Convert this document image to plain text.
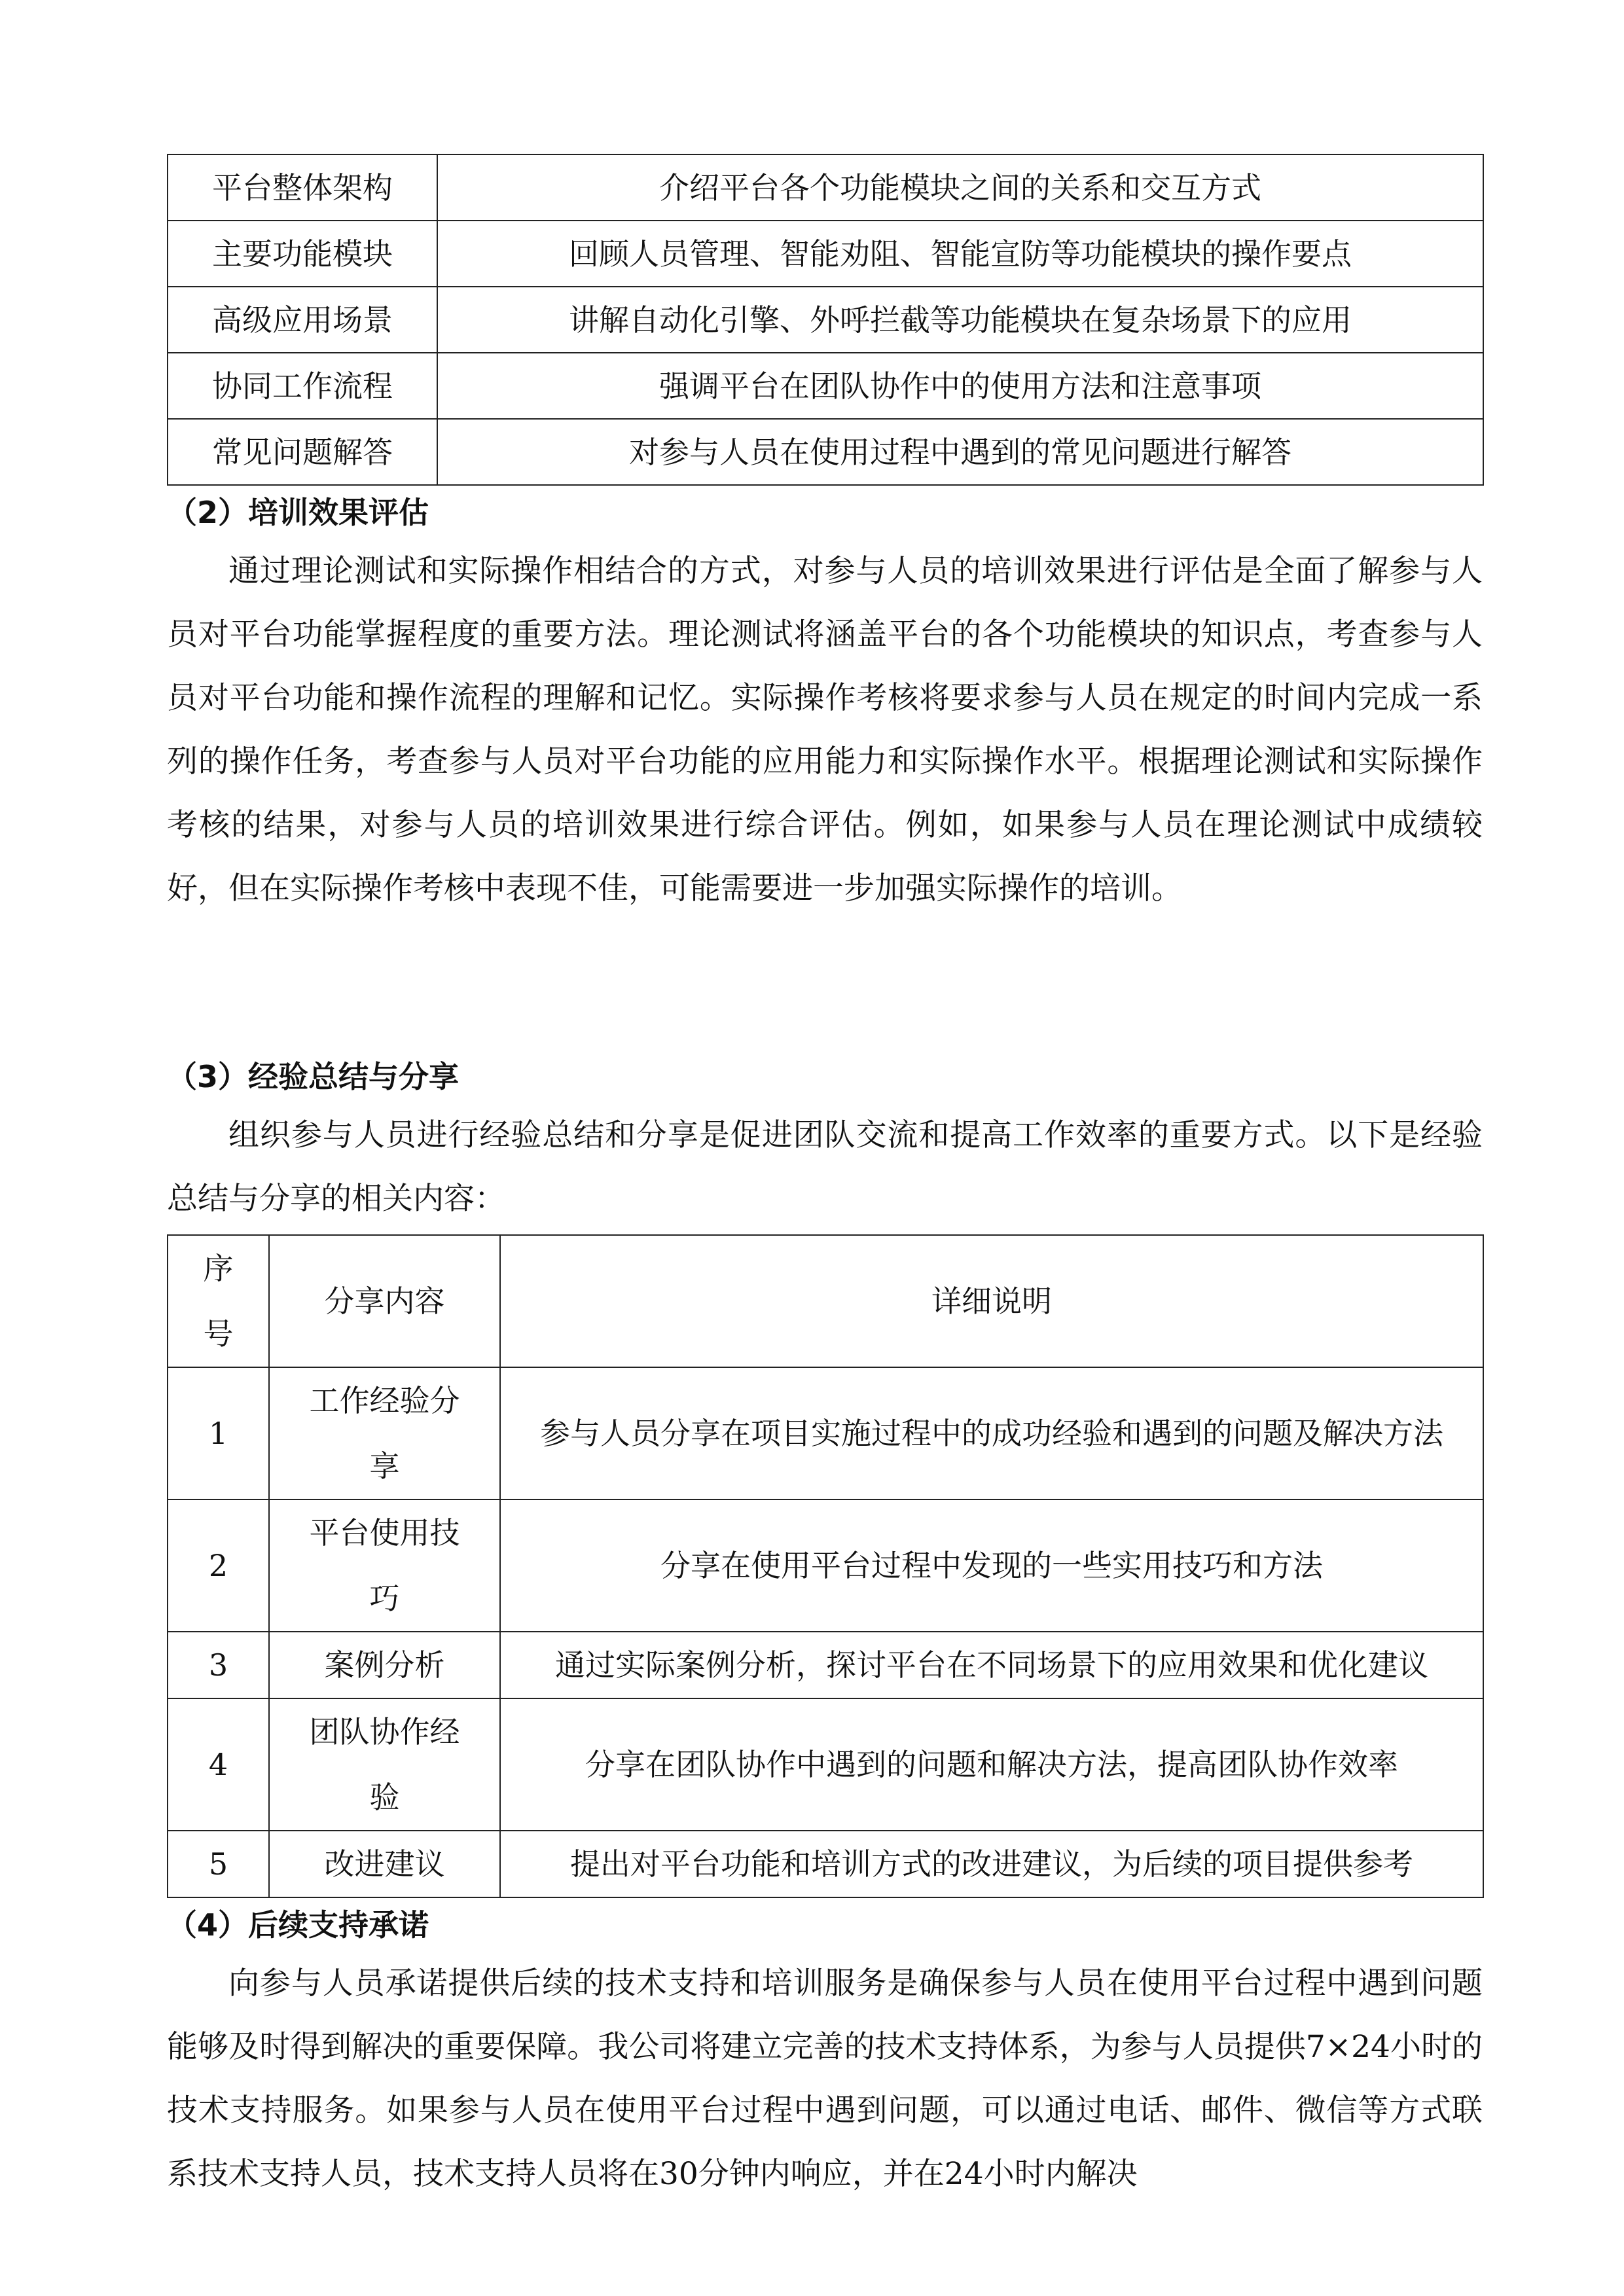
平台整体架构	介绍平台各个功能模块之间的关系和交互方式
主要功能模块	回顾人员管理、智能劝阻、智能宣防等功能模块的操作要点
高级应用场景	讲解自动化引擎、外呼拦截等功能模块在复杂场景下的应用
协同工作流程	强调平台在团队协作中的使用方法和注意事项
常见问题解答	对参与人员在使用过程中遇到的常见问题进行解答
（2）培训效果评估

通过理论测试和实际操作相结合的方式，对参与人员的培训效果进行评估是全面了解参与人员对平台功能掌握程度的重要方法。理论测试将涵盖平台的各个功能模块的知识点，考查参与人员对平台功能和操作流程的理解和记忆。实际操作考核将要求参与人员在规定的时间内完成一系列的操作任务，考查参与人员对平台功能的应用能力和实际操作水平。根据理论测试和实际操作考核的结果，对参与人员的培训效果进行综合评估。例如，如果参与人员在理论测试中成绩较好，但在实际操作考核中表现不佳，可能需要进一步加强实际操作的培训。

（3）经验总结与分享

组织参与人员进行经验总结和分享是促进团队交流和提高工作效率的重要方式。以下是经验总结与分享的相关内容：

序号	分享内容	详细说明
1	工作经验分享	参与人员分享在项目实施过程中的成功经验和遇到的问题及解决方法
2	平台使用技巧	分享在使用平台过程中发现的一些实用技巧和方法
3	案例分析	通过实际案例分析，探讨平台在不同场景下的应用效果和优化建议
4	团队协作经验	分享在团队协作中遇到的问题和解决方法，提高团队协作效率
5	改进建议	提出对平台功能和培训方式的改进建议，为后续的项目提供参考
（4）后续支持承诺

向参与人员承诺提供后续的技术支持和培训服务是确保参与人员在使用平台过程中遇到问题能够及时得到解决的重要保障。我公司将建立完善的技术支持体系，为参与人员提供7×24小时的技术支持服务。如果参与人员在使用平台过程中遇到问题，可以通过电话、邮件、微信等方式联系技术支持人员，技术支持人员将在30分钟内响应，并在24小时内解决
